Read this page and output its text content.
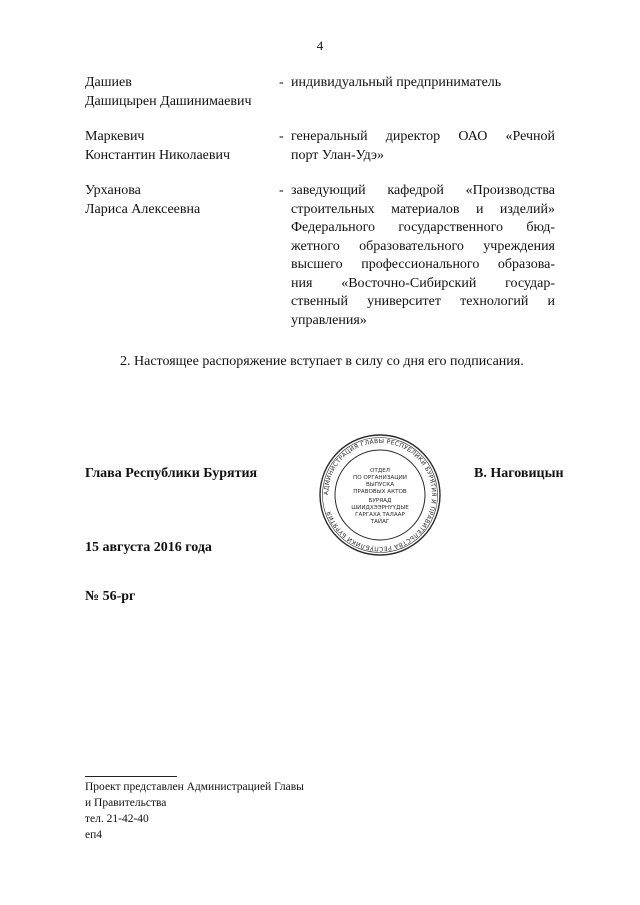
4
Дашиев
Дашицырен Дашинимаевич
- индивидуальный предприниматель
Маркевич
Константин Николаевич
- генеральный директор ОАО «Речной
порт Улан-Удэ»
Урханова
Лариса Алексеевна
- заведующий кафедрой «Производства
строительных материалов и изделий»
Федерального государственного бюд-
жетного образовательного учреждения
высшего профессионального образова-
ния «Восточно-Сибирский государ-
ственный университет технологий и
управления»
2. Настоящее распоряжение вступает в силу со дня его подписания.
Глава Республики Бурятия	В. Наговицын
АДМИНИСТРАЦИЯ ГЛАВЫ РЕСПУБЛИКИ БУРЯТИЯ И ПРАВИТЕЛЬСТВА РЕСПУБЛИКИ БУРЯТИЯ
ОТДЕЛ
ПО ОРГАНИЗАЦИИ
ВЫПУСКА
ПРАВОВЫХ АКТОВ
БУРЯАД
ШИИДХЭЭРНҮҮДЫЕ
ГАРГАХА ТАЛААР
ТАЙАГ
15 августа 2016 года
№ 56-рг
Проект представлен Администрацией Главы
и Правительства
тел. 21-42-40
еп4
